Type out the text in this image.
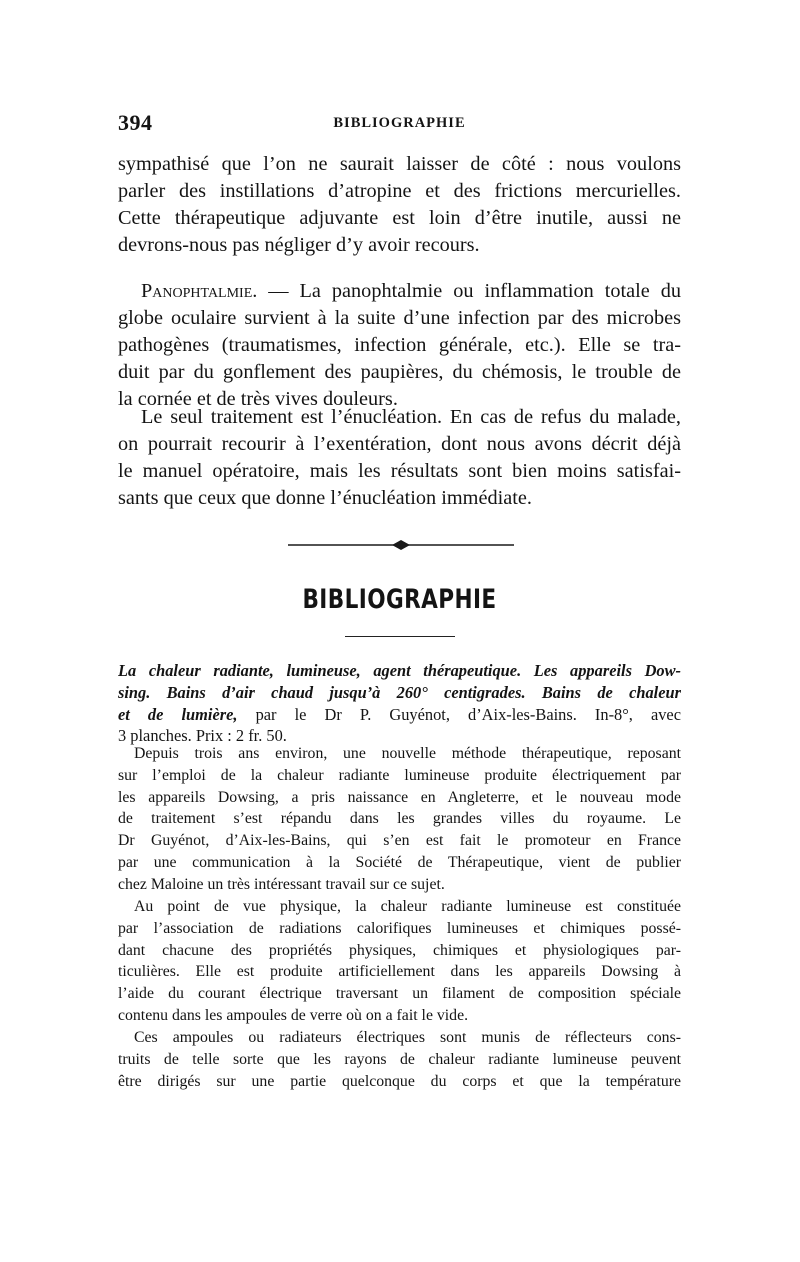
394	BIBLIOGRAPHIE
sympathisé que l’on ne saurait laisser de côté : nous voulons
parler des instillations d’atropine et des frictions mercurielles.
Cette thérapeutique adjuvante est loin d’être inutile, aussi ne
devrons-nous pas négliger d’y avoir recours.
Panophtalmie. — La panophtalmie ou inflammation totale du
globe oculaire survient à la suite d’une infection par des microbes
pathogènes (traumatismes, infection générale, etc.). Elle se tra-
duit par du gonflement des paupières, du chémosis, le trouble de
la cornée et de très vives douleurs.
Le seul traitement est l’énucléation. En cas de refus du malade,
on pourrait recourir à l’exentération, dont nous avons décrit déjà
le manuel opératoire, mais les résultats sont bien moins satisfai-
sants que ceux que donne l’énucléation immédiate.
BIBLIOGRAPHIE
La chaleur radiante, lumineuse, agent thérapeutique. Les appareils Dow-
sing. Bains d’air chaud jusqu’à 260° centigrades. Bains de chaleur
et de lumière, par le Dr P. Guyénot, d’Aix-les-Bains. In-8°, avec
3 planches. Prix : 2 fr. 50.
Depuis trois ans environ, une nouvelle méthode thérapeutique, reposant
sur l’emploi de la chaleur radiante lumineuse produite électriquement par
les appareils Dowsing, a pris naissance en Angleterre, et le nouveau mode
de traitement s’est répandu dans les grandes villes du royaume. Le
Dr Guyénot, d’Aix-les-Bains, qui s’en est fait le promoteur en France
par une communication à la Société de Thérapeutique, vient de publier
chez Maloine un très intéressant travail sur ce sujet.
Au point de vue physique, la chaleur radiante lumineuse est constituée
par l’association de radiations calorifiques lumineuses et chimiques possé-
dant chacune des propriétés physiques, chimiques et physiologiques par-
ticulières. Elle est produite artificiellement dans les appareils Dowsing à
l’aide du courant électrique traversant un filament de composition spéciale
contenu dans les ampoules de verre où on a fait le vide.
Ces ampoules ou radiateurs électriques sont munis de réflecteurs cons-
truits de telle sorte que les rayons de chaleur radiante lumineuse peuvent
être dirigés sur une partie quelconque du corps et que la température
